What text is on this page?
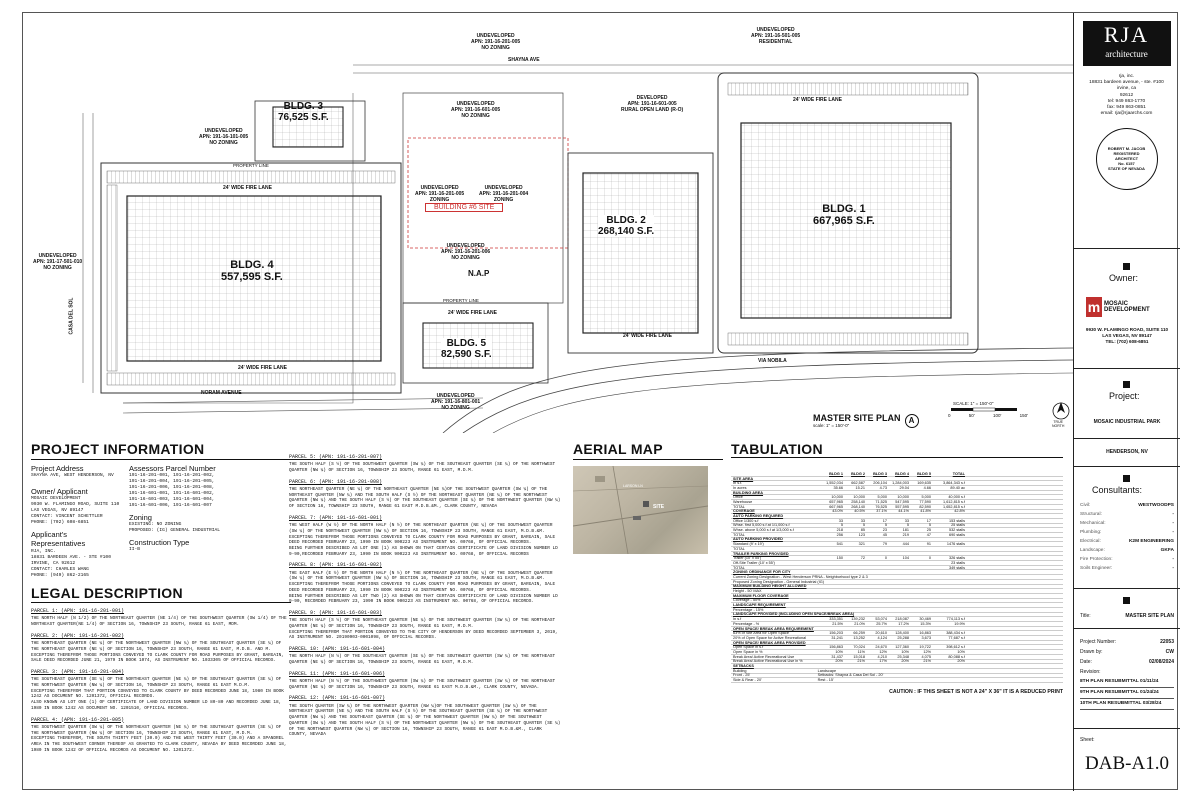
UNDEVELOPED
APN: 191-16-201-005
NO ZONING
UNDEVELOPED
APN: 191-16-501-005
RESIDENTIAL
UNDEVELOPED
APN: 191-16-101-005
NO ZONING
UNDEVELOPED
APN: 191-16-601-005
NO ZONING
DEVELOPED
APN: 191-16-601-005
RURAL OPEN LAND (R-O)
UNDEVELOPED
APN: 191-17-501-010
NO ZONING
UNDEVELOPED
APN: 191-16-201-005
ZONING
UNDEVELOPED
APN: 191-16-201-004
ZONING
UNDEVELOPED
APN: 191-16-201-006
NO ZONING
UNDEVELOPED
APN: 191-16-801-001
NO ZONING
BLDG. 1
667,965 S.F.
BLDG. 2
268,140 S.F.
BLDG. 3
76,525 S.F.
BLDG. 4
557,595 S.F.
BLDG. 5
82,590 S.F.
BUILDING #6 SITE
N.A.P
24' WIDE FIRE LANE
24' WIDE FIRE LANE
24' WIDE FIRE LANE
24' WIDE FIRE LANE
24' WIDE FIRE LANE
PROPERTY LINE
PROPERTY LINE
SHAYNA AVE
VIA NOBILA
NORAM AVENUE
CASA DEL SOL
MASTER SITE PLAN
scale: 1" = 150'-0"
A
SCALE: 1" = 150'-0"
0	50'	100'	150'
TRUE
NORTH
PROJECT INFORMATION
Project Address
SHAYNA AVE, WEST HENDERSON, NV
Owner/ Applicant
MOSAIC DEVELOPMENT
9930 W. FLAMINGO ROAD, SUITE 110
LAS VEGAS, NV 89147
CONTACT: VINCENT SCHETTLER
PHONE: (702) 608-6851
Applicant's Representatives
RJA, INC.
18831 BARDEEN AVE. - STE #100
IRVINE, CA 92612
CONTACT: CHARLES WANG
PHONE: (949) 862-2165
Assessors Parcel Number
191-16-201-001, 191-16-201-002,
191-16-201-004, 191-16-201-005,
191-16-201-006, 191-16-201-008,
191-16-601-001, 191-16-601-002,
191-16-601-003, 191-16-601-004,
191-16-601-006, 191-16-601-007
Zoning
EXISTING: NO ZONING
PROPOSED: (IG) GENERAL INDUSTRIAL
Construction Type
II-B
LEGAL DESCRIPTION
PARCEL 1: (APN: 191-16-201-001)
THE NORTH HALF (N 1/2) OF THE NORTHEAST QUARTER (NE 1/4) OF THE SOUTHWEST QUARTER (SW 1/4) OF THE NORTHEAST QUARTER(NE 1/4) OF SECTION 16, TOWNSHIP 23 SOUTH, RANGE 61 EAST, MDM.
PARCEL 2: (APN: 191-16-201-002)
THE NORTHEAST QUARTER (NE ¼) OF THE NORTHWEST QUARTER (NW ¼) OF THE SOUTHEAST QUARTER (SE ¼) OF THE NORTHEAST QUARTER (NE ¼) OF SECTION 16, TOWNSHIP 23 SOUTH, RANGE 61 EAST, M.D.B. AND M.
EXCEPTING THEREFROM THOSE PORTIONS CONVEYED TO CLARK COUNTY FOR ROAD PURPOSES BY GRANT, BARGAIN, SALE DEED RECORDED JUNE 21, 1979 IN BOOK 1074, AS INSTRUMENT NO. 1033305 OF OFFICIAL RECORDS.
PARCEL 3: (APN: 191-16-201-004)
THE SOUTHEAST QUARTER (SE ¼) OF THE NORTHEAST QUARTER (NE ¼) OF THE SOUTHEAST QUARTER (SE ¼) OF THE NORTHWEST QUARTER (NW ¼) OF SECTION 16, TOWNSHIP 23 SOUTH, RANGE 61 EAST M.D.M.
EXCEPTING THEREFROM THAT PORTION CONVEYED TO CLARK COUNTY BY DEED RECORDED JUNE 18, 1980 IN BOOK 1242 AS DOCUMENT NO. 1201372, OFFICIAL RECORDS.
ALSO KNOWN AS LOT ONE (1) OF CERTIFICATE OF LAND DIVISION NUMBER LD 80-80 AND RECORDED JUNE 18, 1980 IN BOOK 1242 AS DOCUMENT NO. 1201510, OFFICIAL RECORDS.
PARCEL 4: (APN: 191-16-201-005)
THE SOUTHWEST QUARTER (SW ¼) OF THE NORTHEAST QUARTER (NE ¼) OF THE SOUTHEAST QUARTER (SE ¼) OF THE NORTHWEST QUARTER (NW ¼) OF SECTION 16, TOWNSHIP 23 SOUTH, RANGE 61 EAST, M.D.M.
EXCEPTING THEREFROM, THE SOUTH THIRTY FEET (30.0) AND THE WEST THIRTY FEET (30.0) AND A SPANDREL AREA IN THE SOUTHWEST CORNER THEREOF AS GRANTED TO CLARK COUNTY, NEVADA BY DEED RECORDED JUNE 18, 1980 IN BOOK 1242 OF OFFICIAL RECORDS AS DOCUMENT NO. 1201372.
PARCEL 5: (APN: 191-16-201-007)
THE SOUTH HALF (S ½) OF THE SOUTHWEST QUARTER (SW ¼) OF THE SOUTHEAST QUARTER (SE ¼) OF THE NORTHWEST QUARTER (NW ¼) OF SECTION 16, TOWNSHIP 23 SOUTH, RANGE 61 EAST, M.D.M.
PARCEL 6: (APN: 191-16-201-008)
THE NORTHEAST QUARTER (NE ¼) OF THE NORTHEAST QUARTER (NE ¼)OF THE SOUTHWEST QUARTER (SW ¼) OF THE NORTHEAST QUARTER (NW ¼) AND THE SOUTH HALF (S ½) OF THE NORTHEAST QUARTER (NE ¼) OF THE NORTHWEST QUARTER (NW ¼) AND THE SOUTH HALF (S ½) OF THE SOUTHEAST QUARTER (SE ¼) OF THE NORTHWEST QUARTER (NW ¼) OF SECTION 16, TOWNSHIP 23 SOUTH, RANGE 61 EAST M.D.B.&M., CLARK COUNTY, NEVADA
PARCEL 7: (APN: 191-16-601-001)
THE WEST HALF (W ½) OF THE NORTH HALF (N ½) OF THE NORTHEAST QUARTER (NE ¼) OF THE SOUTHWEST QUARTER (SW ¼) OF THE NORTHWEST QUARTER (NW ¼) OF SECTION 16, TOWNSHIP 23 SOUTH, RANGE 61 EAST, M.D.B.&M.
EXCEPTING THEREFROM THOSE PORTIONS CONVEYED TO CLARK COUNTY FOR ROAD PURPOSES BY GRANT, BARGAIN, SALE DEED RECORDED FEBRUARY 23, 1990 IN BOOK 900223 AS INSTRUMENT NO. 00768, OF OFFICIAL RECORDS.
BEING FURTHER DESCRIBED AS LOT ONE (1) AS SHOWN ON THAT CERTAIN CERTIFICATE OF LAND DIVISION NUMBER LD 9-90,RECORDED FEBRUARY 23, 1990 IN BOOK 900223 AS INSTRUMENT NO. 00768, OF OFFICIAL RECORDS
PARCEL 8: (APN: 191-16-601-002)
THE EAST HALF (E ½) OF THE NORTH HALF (N ½) OF THE NORTHEAST QUARTER (NE ¼) OF THE SOUTHWEST QUARTER (SW ¼) OF THE NORTHWEST QUARTER (NW ¼) OF SECTION 16, TOWNSHIP 23 SOUTH, RANGE 61 EAST, M.D.B.&M.
EXCEPTING THEREFROM THOSE PORTIONS CONVEYED TO CLARK COUNTY FOR ROAD PURPOSES BY GRANT, BARGAIN, SALE DEED RECORDED FEBRUARY 23, 1990 IN BOOK 900223 AS INSTRUMENT NO. 00768, OF OFFICIAL RECORDS.
BEING FURTHER DESCRIBED AS LOT TWO (2) AS SHOWN ON THAT CERTAIN CERTIFICATE OF LAND DIVISION NUMBER LD 9-90, RECORDED FEBRUARY 23, 1990 IN BOOK 900223 AS INSTRUMENT NO. 00768, OF OFFICIAL RECORDS.
PARCEL 9: (APN: 191-16-601-003)
THE SOUTH HALF (S ½) OF THE NORTHEAST QUARTER (NE ¼) OF THE SOUTHWEST QUARTER (SW ¼) OF THE NORTHEAST QUARTER (NE ¼) OF SECTION 16, TOWNSHIP 23 SOUTH, RANGE 61 EAST, M.D.M.
EXCEPTING THEREFROM THAT PORTION CONVEYED TO THE CITY OF HENDERSON BY DEED RECORDED SEPTEMBER 3, 2019, AS INSTRUMENT NO. 20190903-0001098, OF OFFICIAL RECORDS.
PARCEL 10: (APN: 191-16-601-004)
THE NORTH HALF (N ½) OF THE SOUTHEAST QUARTER (SE ¼) OF THE SOUTHWEST QUARTER (SW ¼) OF THE NORTHEAST QUARTER (NE ¼) OF SECTION 16, TOWNSHIP 23 SOUTH, RANGE 61 EAST, M.D.M.
PARCEL 11: (APN: 191-16-601-006)
THE NORTH HALF (N ½) OF THE SOUTHWEST QUARTER (SW ¼) OF THE SOUTHWEST QUARTER (SW ¼) OF THE NORTHEAST QUARTER (NE ¼) OF SECTION 16, TOWNSHIP 23 SOUTH, RANGE 61 EAST M.D.B.&M., CLARK COUNTY, NEVADA.
PARCEL 12: (APN: 191-16-601-007)
THE SOUTH QUARTER (SW ¼) OF THE NORTHWEST QUARTER (NW ¼)OF THE SOUTHWEST QUARTER (SW ¼) OF THE NORTHEAST QUARTER (NE ¼) AND THE SOUTH HALF (S ½) OF THE SOUTHEAST QUARTER (SE ¼) OF THE NORTHWEST QUARTER (NW ¼) AND THE SOUTHEAST QUARTER (SE ¼) OF THE NORTHWEST QUARTER (NW ¼) OF THE SOUTHWEST QUARTER (SW ¼) AND THE SOUTH HALF (S ½) OF THE NORTHWEST QUARTER (NW ¼) OF THE SOUTHEAST QUARTER (SE ¼) OF THE NORTHWEST QUARTER (NW ¼) OF SECTION 16, TOWNSHIP 23 SOUTH, RANGE 61 EAST M.D.B.&M., CLARK COUNTY, NEVADA
AERIAL MAP
SITE
LARSON LN
TABULATION
BLDG 1	BLDG 2	BLDG 3	BLDG 4	BLDG 5	TOTAL
SITE AREA
In s.f.	1,552,034	662,587	206,104	1,284,003	169,635	3,864,343 s.f
In acres	35.66	15.21	4.73	29.04	4.66	89.40 ac
BUILDING AREA
Office	10,000	10,000	5,000	10,000	5,000	40,000 s.f
Warehouse	657,965	258,140	71,525	547,595	77,590	1,612,815 s.f
TOTAL	667,965	268,140	76,525	557,595	82,590	1,652,815 s.f
COVERAGE	43.0%	40.5%	37.1%	44.1%	41.8%	42.8%
AUTO PARKING REQUIRED
Office 1/300 s.f	33	33	17	33	17	153 stalls
Whse. first 5,000 s.f at 1/1,000 s.f	5	5	5	5	5	25 stalls
Whse. above 5,000 s.f at 1/3,000 s.f	218	85	23	181	25	532 stalls
TOTAL	256	123	45	219	47	690 stalls
AUTO PARKING PROVIDED
Standard (9' x 19')	541	321	79	444	91	1476 stalls
TOTAL
TRAILER PARKING PROVIDED
Trailer (10' x 55')	150	72	0	104	0	326 stalls
Off-Site Trailer (10' x 55')	23 stalls
TOTAL	349 stalls
ZONING ORDINANCE FOR CITY
Current Zoning Designation - West Henderson PRNA - Neighborhood type 2 & 3
Proposed Zoning Designation - General Industrial (IG)
MAXIMUM BUILDING HEIGHT ALLOWED
Height - 50' MAX
MAXIMUM FLOOR COVERAGE
Coverage - 50%
LANDSCAPE REQUIREMENT
Percentage - 15%
LANDSCAPE PROVIDED (INCLUDING OPEN SPACE/BREAK AREA)
In s.f	333,351	139,232	53,074	218,087	30,469	774,113 s.f
Percentage - %	21.5%	21.0%	25.7%	17.2%	15.3%	19.9%
OPEN SPACE/ BREAK AREA REQUIREMENT
63% of Site Area for Open Space	156,203	66,259	20,610	128,400	16,863	388,434 s.f
20% of Open Space for Active Recreational	31,241	13,252	4,124	25,288	3,673	77,687 s.f
OPEN SPACE/ BREAK AREA PROVIDED
Open Space in s.f	156,863	70,024	24,670	127,360	19,722	398,612 s.f
Open Space in %	10%	11%	12%	10%	12%	10%
Break Area/ Active Recreational Use	31,437	15,018	4,210	25,348	4,075	80,088 s.f
Break Area/ Active Recreational Use in %	20%	21%	17%	20%	21%	20%
SETBACKS
Building	Landscape
Front - 25'	Setbacks: Shayna & Casa Del Sol - 20'
Side & Rear - 20'	Rest - 15'
CAUTION : IF THIS SHEET IS NOT A 24" X 36" IT IS A REDUCED PRINT
RJA
architecture
rja, inc.
18831 bardeen avenue, - ste. #100
irvine, ca
92612
tel: 949 863-1770
fax: 949 863-0851
email: rja@rjaarchs.com
ROBERT M. JACOB
REGISTERED
ARCHITECT
No. 6157
STATE OF NEVADA
Owner:
m MOSAIC
DEVELOPMENT
9930 W. FLAMINGO ROAD, SUITE 110
LAS VEGAS, NV 89147
TEL: (702) 608-6851
Project:
MOSAIC INDUSTRIAL PARK
HENDERSON, NV
Consultants:
Civil:	WESTWOODPS
Structural:	-
Mechanical:	-
Plumbing:	-
Electrical:	K2M ENGINEERING
Landscape:	GKFA
Fire Protection:	-
Soils Engineer:	-
Title:	MASTER SITE PLAN
Project Number:	22053
Drawn by:	CW
Date:	02/08/2024
Revision:
8TH PLAN RESUBMITTAL 01/11/24
9TH PLAN RESUBMITTAL 01/24/24
10TH PLAN RESUBMITTAL 03/28/24
Sheet:
DAB-A1.0
